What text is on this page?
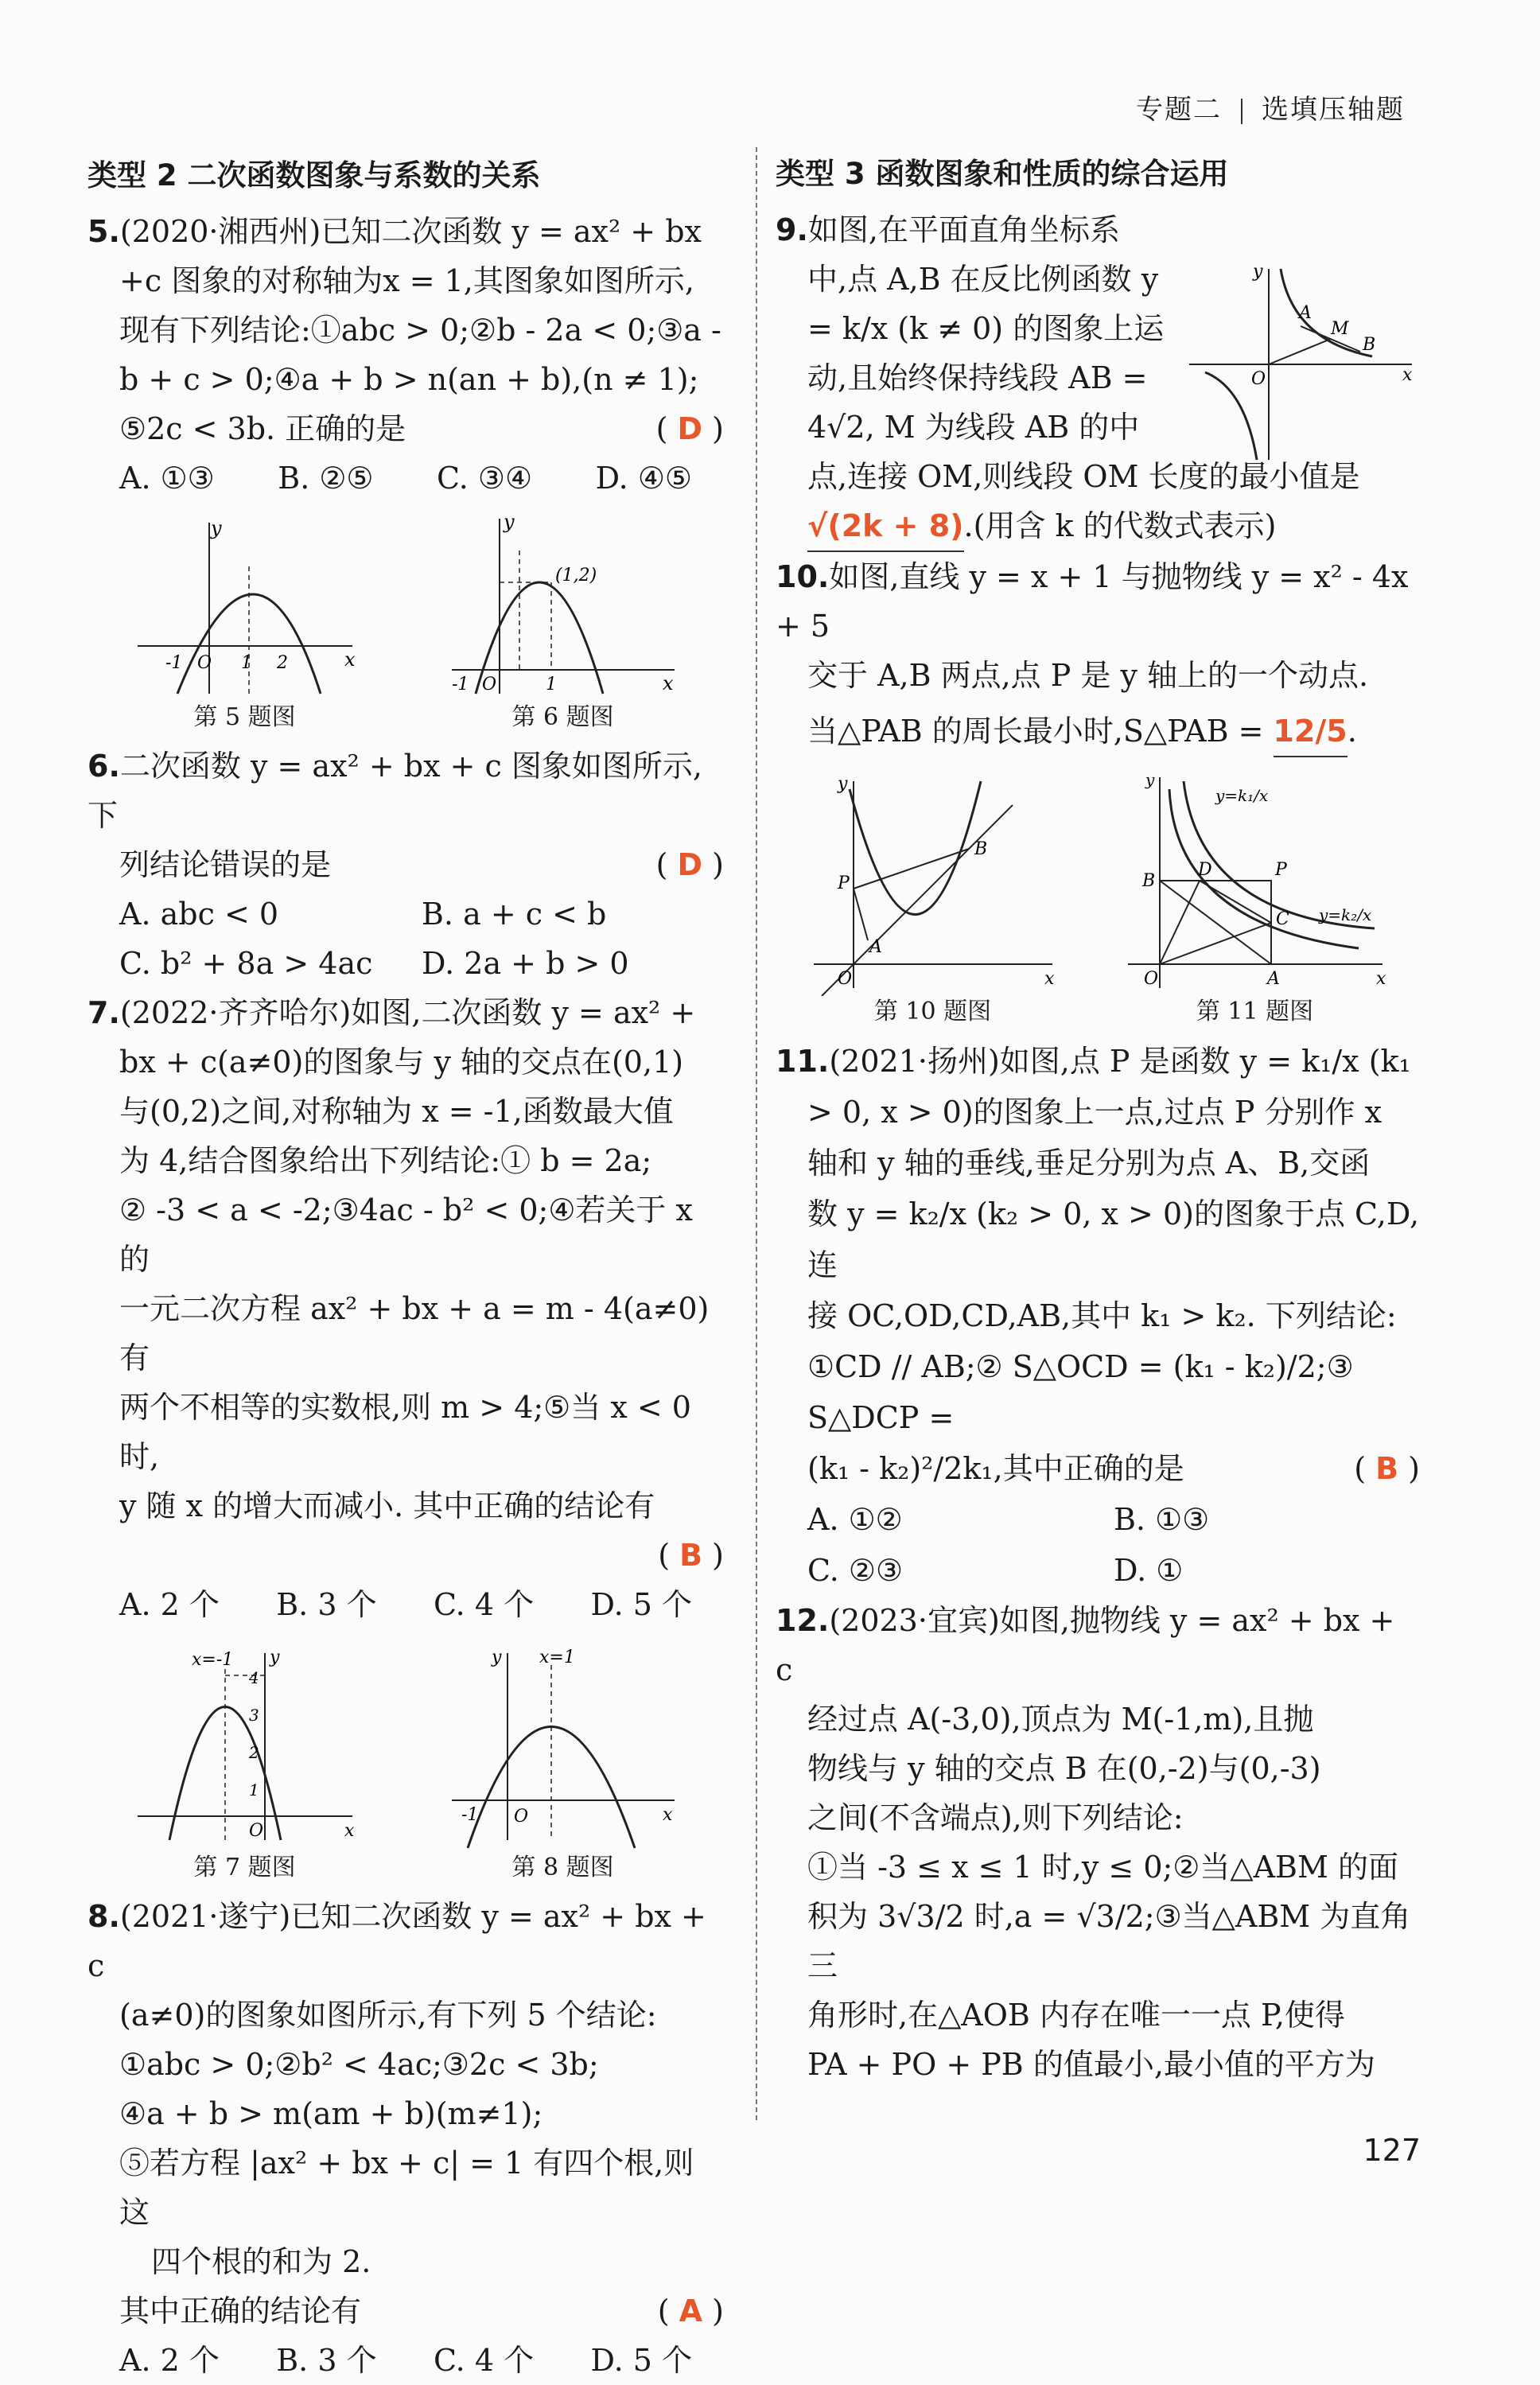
专题二 选填压轴题
类型 2 二次函数图象与系数的关系
5.(2020·湘西州)已知二次函数 y = ax² + bx
+c 图象的对称轴为x = 1,其图象如图所示,
现有下列结论:①abc > 0;②b - 2a < 0;③a -
b + c > 0;④a + b > n(an + b),(n ≠ 1);
⑤2c < 3b. 正确的是	( D )
A. ①③ B. ②⑤ C. ③④ D. ④⑤
y
x
-1 O 1 2
第 5 题图
y
x
(1,2)
-1 O	1
第 6 题图
6.二次函数 y = ax² + bx + c 图象如图所示,下
列结论错误的是	( D )
A. abc < 0	B. a + c < b
C. b² + 8a > 4ac	D. 2a + b > 0
7.(2022·齐齐哈尔)如图,二次函数 y = ax² +
bx + c(a≠0)的图象与 y 轴的交点在(0,1)
与(0,2)之间,对称轴为 x = -1,函数最大值
为 4,结合图象给出下列结论:① b = 2a;
② -3 < a < -2;③4ac - b² < 0;④若关于 x 的
一元二次方程 ax² + bx + a = m - 4(a≠0)有
两个不相等的实数根,则 m > 4;⑤当 x < 0 时,
y 随 x 的增大而减小. 其中正确的结论有
( B )
A. 2 个 B. 3 个 C. 4 个 D. 5 个
x=-1 y
x
4
3
2
1
O
第 7 题图
y x=1
x
-1 O
第 8 题图
8.(2021·遂宁)已知二次函数 y = ax² + bx + c
(a≠0)的图象如图所示,有下列 5 个结论:
①abc > 0;②b² < 4ac;③2c < 3b;
④a + b > m(am + b)(m≠1);
⑤若方程 |ax² + bx + c| = 1 有四个根,则这
四个根的和为 2.
其中正确的结论有	( A )
A. 2 个 B. 3 个 C. 4 个 D. 5 个
类型 3 函数图象和性质的综合运用
y
x
O
A
M
B
9.如图,在平面直角坐标系
中,点 A,B 在反比例函数 y
= k/x (k ≠ 0) 的图象上运
动,且始终保持线段 AB =
4√2, M 为线段 AB 的中
点,连接 OM,则线段 OM 长度的最小值是
√(2k + 8).(用含 k 的代数式表示)
10.如图,直线 y = x + 1 与抛物线 y = x² - 4x + 5
交于 A,B 两点,点 P 是 y 轴上的一个动点.
当△PAB 的周长最小时,S△PAB = 12/5.
y
x
O
P
A
B
第 10 题图
y
y=k₁/x
y=k₂/x
x
O
B
D	P
C
A
第 11 题图
11.(2021·扬州)如图,点 P 是函数 y = k₁/x (k₁
> 0, x > 0)的图象上一点,过点 P 分别作 x
轴和 y 轴的垂线,垂足分别为点 A、B,交函
数 y = k₂/x (k₂ > 0, x > 0)的图象于点 C,D,连
接 OC,OD,CD,AB,其中 k₁ > k₂. 下列结论:
①CD // AB;② S△OCD = (k₁ - k₂)/2;③ S△DCP =
(k₁ - k₂)²/2k₁,其中正确的是	( B )
A. ①②	B. ①③
C. ②③	D. ①
12.(2023·宜宾)如图,抛物线 y = ax² + bx + c
经过点 A(-3,0),顶点为 M(-1,m),且抛
物线与 y 轴的交点 B 在(0,-2)与(0,-3)
之间(不含端点),则下列结论:
①当 -3 ≤ x ≤ 1 时,y ≤ 0;②当△ABM 的面
积为 3√3/2 时,a = √3/2;③当△ABM 为直角三
角形时,在△AOB 内存在唯一一点 P,使得
PA + PO + PB 的值最小,最小值的平方为
127
